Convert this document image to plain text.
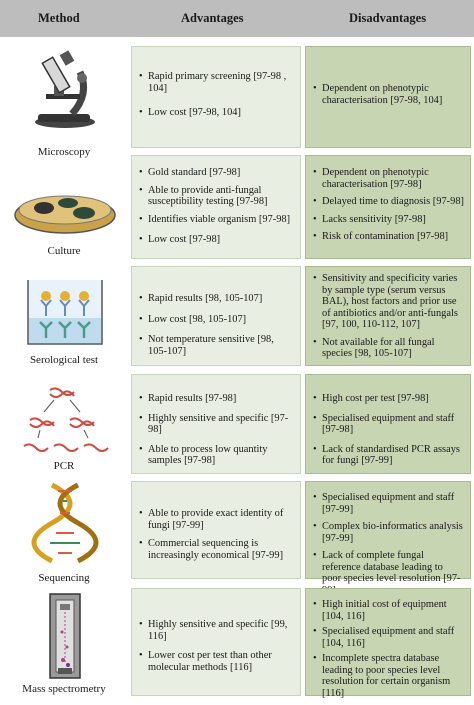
Method	Advantages	Disadvantages
Microscopy
• Rapid primary screening [97-98 , 104]
• Low cost [97-98, 104]
• Dependent on phenotypic characterisation [97-98, 104]
Culture
• Gold standard [97-98]
• Able to provide anti-fungal susceptibility testing [97-98]
• Identifies viable organism [97-98]
• Low cost [97-98]
• Dependent on phenotypic characterisation [97-98]
• Delayed time to diagnosis [97-98]
• Lacks sensitivity [97-98]
• Risk of contamination [97-98]
Serological test
• Rapid results [98, 105-107]
• Low cost [98, 105-107]
• Not temperature sensitive [98, 105-107]
• Sensitivity and specificity varies by sample type (serum versus BAL), host factors and prior use of antibiotics and/or anti-fungals [97, 100, 110-112, 107]
• Not available for all fungal species [98, 105-107]
PCR
• Rapid results [97-98]
• Highly sensitive and specific [97-98]
• Able to process low quantity samples [97-98]
• High cost per test [97-98]
• Specialised equipment and staff [97-98]
• Lack of standardised PCR assays for fungi [97-99]
Sequencing
• Able to provide exact identity of fungi [97-99]
• Commercial sequencing is increasingly economical [97-99]
• Specialised equipment and staff [97-99]
• Complex bio-informatics analysis [97-99]
• Lack of complete fungal reference database leading to poor species level resolution [97-
Mass spectrometry
• Highly sensitive and specific [99, 116]
• Lower cost per test than other molecular methods [116]
• High initial cost of equipment [104, 116]
• Specialised equipment and staff [104, 116]
• Incomplete spectra database leading to poor species level resolution for certain organism [116]
